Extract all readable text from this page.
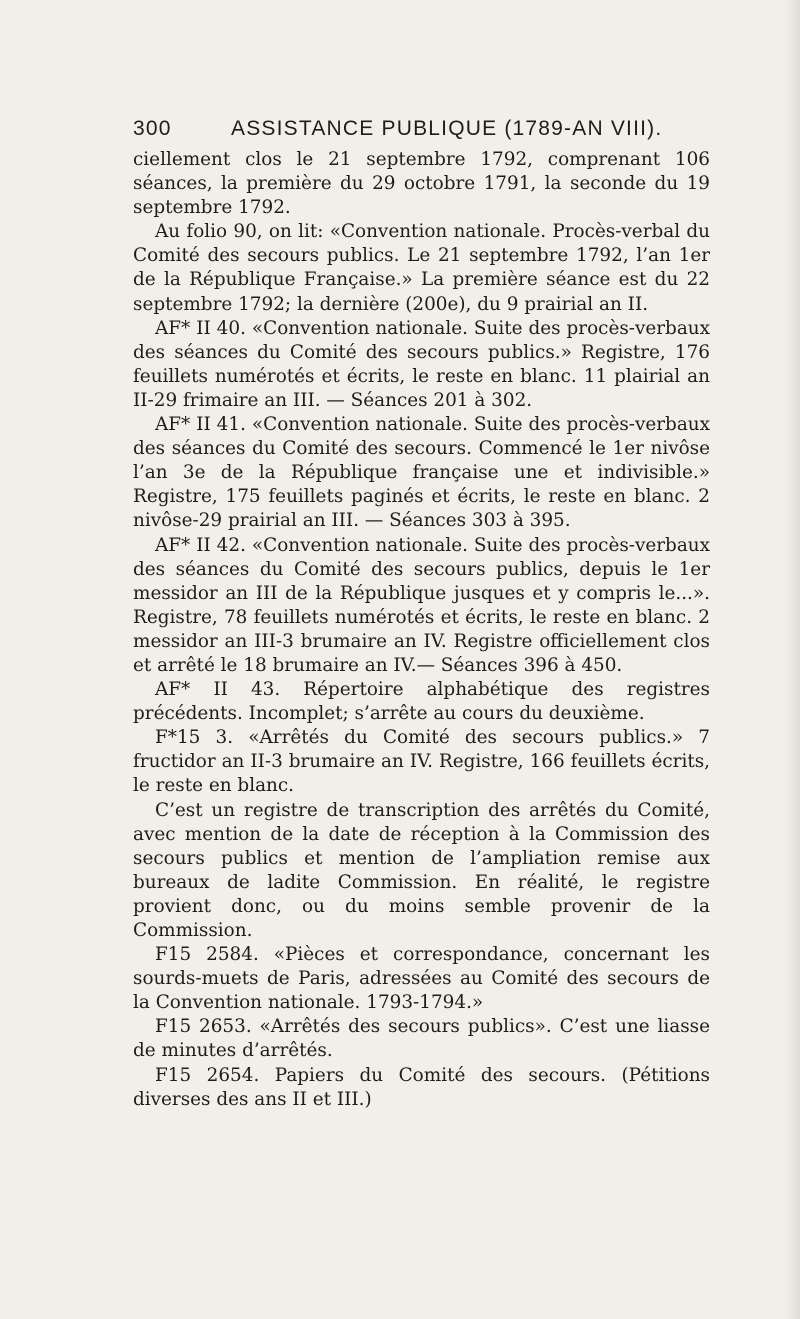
300	ASSISTANCE PUBLIQUE (1789-AN VIII).

ciellement clos le 21 septembre 1792, comprenant 106 séances, la première du 29 octobre 1791, la seconde du 19 septembre 1792.

Au folio 90, on lit: «Convention nationale. Procès-verbal du Comité des secours publics. Le 21 septembre 1792, l’an 1er de la République Française.» La première séance est du 22 septembre 1792; la dernière (200e), du 9 prairial an II.

AF* II 40. «Convention nationale. Suite des procès-verbaux des séances du Comité des secours publics.» Registre, 176 feuillets numérotés et écrits, le reste en blanc. 11 plairial an II-29 frimaire an III. — Séances 201 à 302.

AF* II 41. «Convention nationale. Suite des procès-verbaux des séances du Comité des secours. Commencé le 1er nivôse l’an 3e de la République française une et indivisible.» Registre, 175 feuillets paginés et écrits, le reste en blanc. 2 nivôse-29 prairial an III. — Séances 303 à 395.

AF* II 42. «Convention nationale. Suite des procès-verbaux des séances du Comité des secours publics, depuis le 1er messidor an III de la République jusques et y compris le...». Registre, 78 feuillets numérotés et écrits, le reste en blanc. 2 messidor an III-3 brumaire an IV. Registre officiellement clos et arrêté le 18 brumaire an IV.— Séances 396 à 450.

AF* II 43. Répertoire alphabétique des registres précédents. Incomplet; s’arrête au cours du deuxième.

F*15 3. «Arrêtés du Comité des secours publics.» 7 fructidor an II-3 brumaire an IV. Registre, 166 feuillets écrits, le reste en blanc.

C’est un registre de transcription des arrêtés du Comité, avec mention de la date de réception à la Commission des secours publics et mention de l’ampliation remise aux bureaux de ladite Commission. En réalité, le registre provient donc, ou du moins semble provenir de la Commission.

F15 2584. «Pièces et correspondance, concernant les sourds-muets de Paris, adressées au Comité des secours de la Convention nationale. 1793-1794.»

F15 2653. «Arrêtés des secours publics». C’est une liasse de minutes d’arrêtés.

F15 2654. Papiers du Comité des secours. (Pétitions diverses des ans II et III.)
